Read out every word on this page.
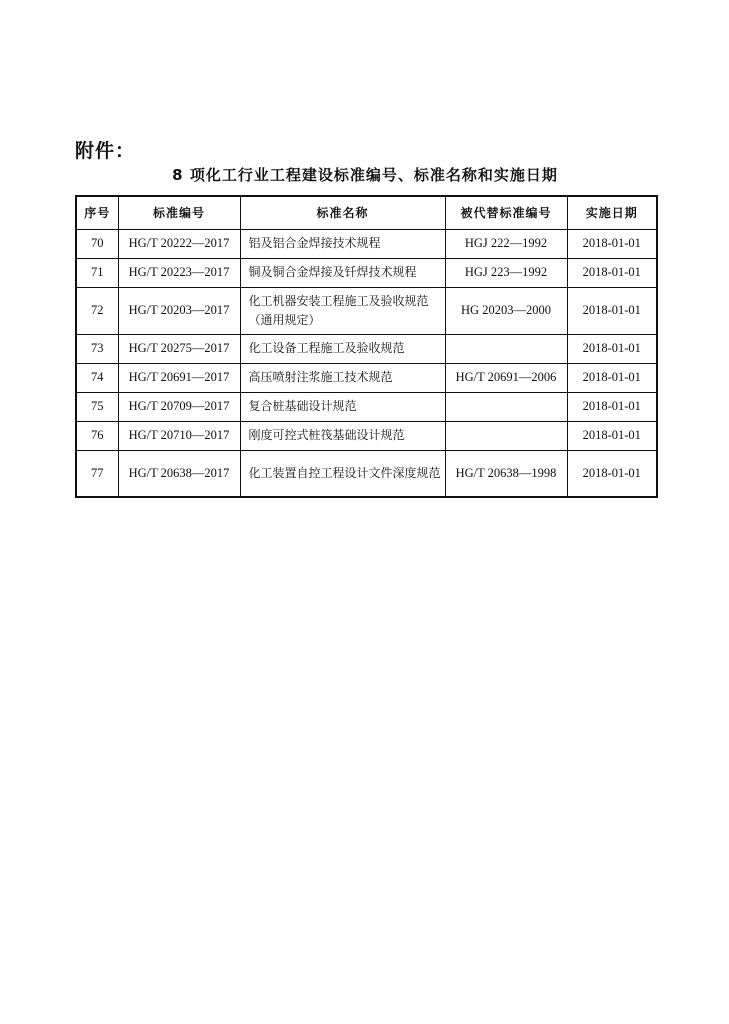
附件：
8 项化工行业工程建设标准编号、标准名称和实施日期
序号	标准编号	标准名称	被代替标准编号	实施日期
70	HG/T 20222—2017	铝及铝合金焊接技术规程	HGJ 222—1992	2018-01-01
71	HG/T 20223—2017	铜及铜合金焊接及钎焊技术规程	HGJ 223—1992	2018-01-01
72	HG/T 20203—2017	化工机器安装工程施工及验收规范（通用规定）	HG 20203—2000	2018-01-01
73	HG/T 20275—2017	化工设备工程施工及验收规范		2018-01-01
74	HG/T 20691—2017	高压喷射注浆施工技术规范	HG/T 20691—2006	2018-01-01
75	HG/T 20709—2017	复合桩基础设计规范		2018-01-01
76	HG/T 20710—2017	刚度可控式桩筏基础设计规范		2018-01-01
77	HG/T 20638—2017	化工装置自控工程设计文件深度规范	HG/T 20638—1998	2018-01-01
